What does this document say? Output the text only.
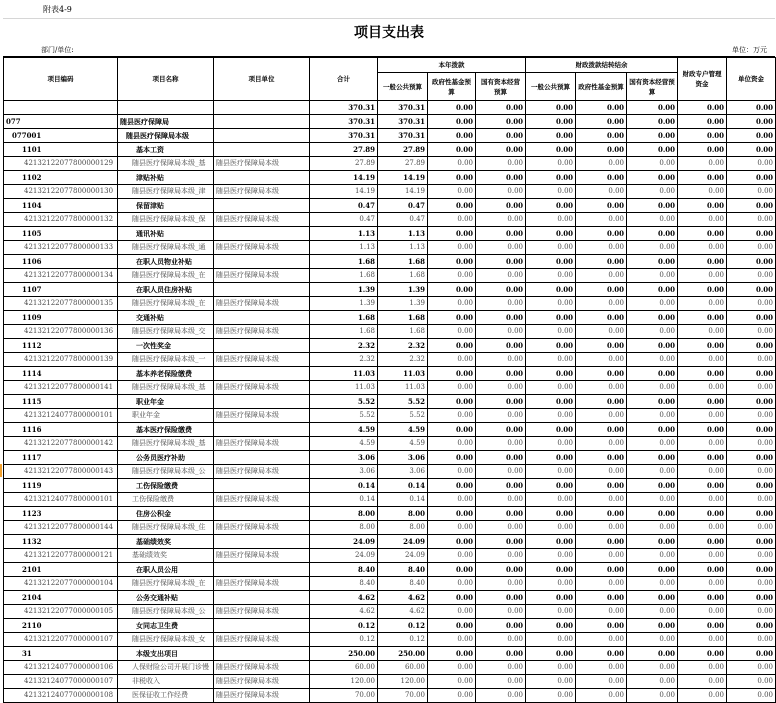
附表4-9
项目支出表
部门/单位:	单位：万元
项目编码	项目名称	项目单位	合计	本年拨款			财政拨款结转结余			财政专户管理资金	单位资金
				一般公共预算	政府性基金预算	国有资本经营预算	一般公共预算	政府性基金预算	国有资本经营预算		
			370.31	370.31	0.00	0.00	0.00	0.00	0.00	0.00	0.00
077	随县医疗保障局		370.31	370.31	0.00	0.00	0.00	0.00	0.00	0.00	0.00
077001	随县医疗保障局本级		370.31	370.31	0.00	0.00	0.00	0.00	0.00	0.00	0.00
1101	基本工资		27.89	27.89	0.00	0.00	0.00	0.00	0.00	0.00	0.00
42132122077800000129	随县医疗保障局本级_基	随县医疗保障局本级	27.89	27.89	0.00	0.00	0.00	0.00	0.00	0.00	0.00
1102	津贴补贴		14.19	14.19	0.00	0.00	0.00	0.00	0.00	0.00	0.00
42132122077800000130	随县医疗保障局本级_津	随县医疗保障局本级	14.19	14.19	0.00	0.00	0.00	0.00	0.00	0.00	0.00
1104	保留津贴		0.47	0.47	0.00	0.00	0.00	0.00	0.00	0.00	0.00
42132122077800000132	随县医疗保障局本级_保	随县医疗保障局本级	0.47	0.47	0.00	0.00	0.00	0.00	0.00	0.00	0.00
1105	通讯补贴		1.13	1.13	0.00	0.00	0.00	0.00	0.00	0.00	0.00
42132122077800000133	随县医疗保障局本级_通	随县医疗保障局本级	1.13	1.13	0.00	0.00	0.00	0.00	0.00	0.00	0.00
1106	在职人员物业补贴		1.68	1.68	0.00	0.00	0.00	0.00	0.00	0.00	0.00
42132122077800000134	随县医疗保障局本级_在	随县医疗保障局本级	1.68	1.68	0.00	0.00	0.00	0.00	0.00	0.00	0.00
1107	在职人员住房补贴		1.39	1.39	0.00	0.00	0.00	0.00	0.00	0.00	0.00
42132122077800000135	随县医疗保障局本级_在	随县医疗保障局本级	1.39	1.39	0.00	0.00	0.00	0.00	0.00	0.00	0.00
1109	交通补贴		1.68	1.68	0.00	0.00	0.00	0.00	0.00	0.00	0.00
42132122077800000136	随县医疗保障局本级_交	随县医疗保障局本级	1.68	1.68	0.00	0.00	0.00	0.00	0.00	0.00	0.00
1112	一次性奖金		2.32	2.32	0.00	0.00	0.00	0.00	0.00	0.00	0.00
42132122077800000139	随县医疗保障局本级_一	随县医疗保障局本级	2.32	2.32	0.00	0.00	0.00	0.00	0.00	0.00	0.00
1114	基本养老保险缴费		11.03	11.03	0.00	0.00	0.00	0.00	0.00	0.00	0.00
42132122077800000141	随县医疗保障局本级_基	随县医疗保障局本级	11.03	11.03	0.00	0.00	0.00	0.00	0.00	0.00	0.00
1115	职业年金		5.52	5.52	0.00	0.00	0.00	0.00	0.00	0.00	0.00
42132124077800000101	职业年金	随县医疗保障局本级	5.52	5.52	0.00	0.00	0.00	0.00	0.00	0.00	0.00
1116	基本医疗保险缴费		4.59	4.59	0.00	0.00	0.00	0.00	0.00	0.00	0.00
42132122077800000142	随县医疗保障局本级_基	随县医疗保障局本级	4.59	4.59	0.00	0.00	0.00	0.00	0.00	0.00	0.00
1117	公务员医疗补助		3.06	3.06	0.00	0.00	0.00	0.00	0.00	0.00	0.00
42132122077800000143	随县医疗保障局本级_公	随县医疗保障局本级	3.06	3.06	0.00	0.00	0.00	0.00	0.00	0.00	0.00
1119	工伤保险缴费		0.14	0.14	0.00	0.00	0.00	0.00	0.00	0.00	0.00
42132124077800000101	工伤保险缴费	随县医疗保障局本级	0.14	0.14	0.00	0.00	0.00	0.00	0.00	0.00	0.00
1123	住房公积金		8.00	8.00	0.00	0.00	0.00	0.00	0.00	0.00	0.00
42132122077800000144	随县医疗保障局本级_住	随县医疗保障局本级	8.00	8.00	0.00	0.00	0.00	0.00	0.00	0.00	0.00
1132	基础绩效奖		24.09	24.09	0.00	0.00	0.00	0.00	0.00	0.00	0.00
42132122077800000121	基础绩效奖	随县医疗保障局本级	24.09	24.09	0.00	0.00	0.00	0.00	0.00	0.00	0.00
2101	在职人员公用		8.40	8.40	0.00	0.00	0.00	0.00	0.00	0.00	0.00
42132122077000000104	随县医疗保障局本级_在	随县医疗保障局本级	8.40	8.40	0.00	0.00	0.00	0.00	0.00	0.00	0.00
2104	公务交通补贴		4.62	4.62	0.00	0.00	0.00	0.00	0.00	0.00	0.00
42132122077000000105	随县医疗保障局本级_公	随县医疗保障局本级	4.62	4.62	0.00	0.00	0.00	0.00	0.00	0.00	0.00
2110	女同志卫生费		0.12	0.12	0.00	0.00	0.00	0.00	0.00	0.00	0.00
42132122077000000107	随县医疗保障局本级_女	随县医疗保障局本级	0.12	0.12	0.00	0.00	0.00	0.00	0.00	0.00	0.00
31	本级支出项目		250.00	250.00	0.00	0.00	0.00	0.00	0.00	0.00	0.00
42132124077000000106	人保财险公司开展门诊慢	随县医疗保障局本级	60.00	60.00	0.00	0.00	0.00	0.00	0.00	0.00	0.00
42132124077000000107	非税收入	随县医疗保障局本级	120.00	120.00	0.00	0.00	0.00	0.00	0.00	0.00	0.00
42132124077000000108	医保征收工作经费	随县医疗保障局本级	70.00	70.00	0.00	0.00	0.00	0.00	0.00	0.00	0.00
